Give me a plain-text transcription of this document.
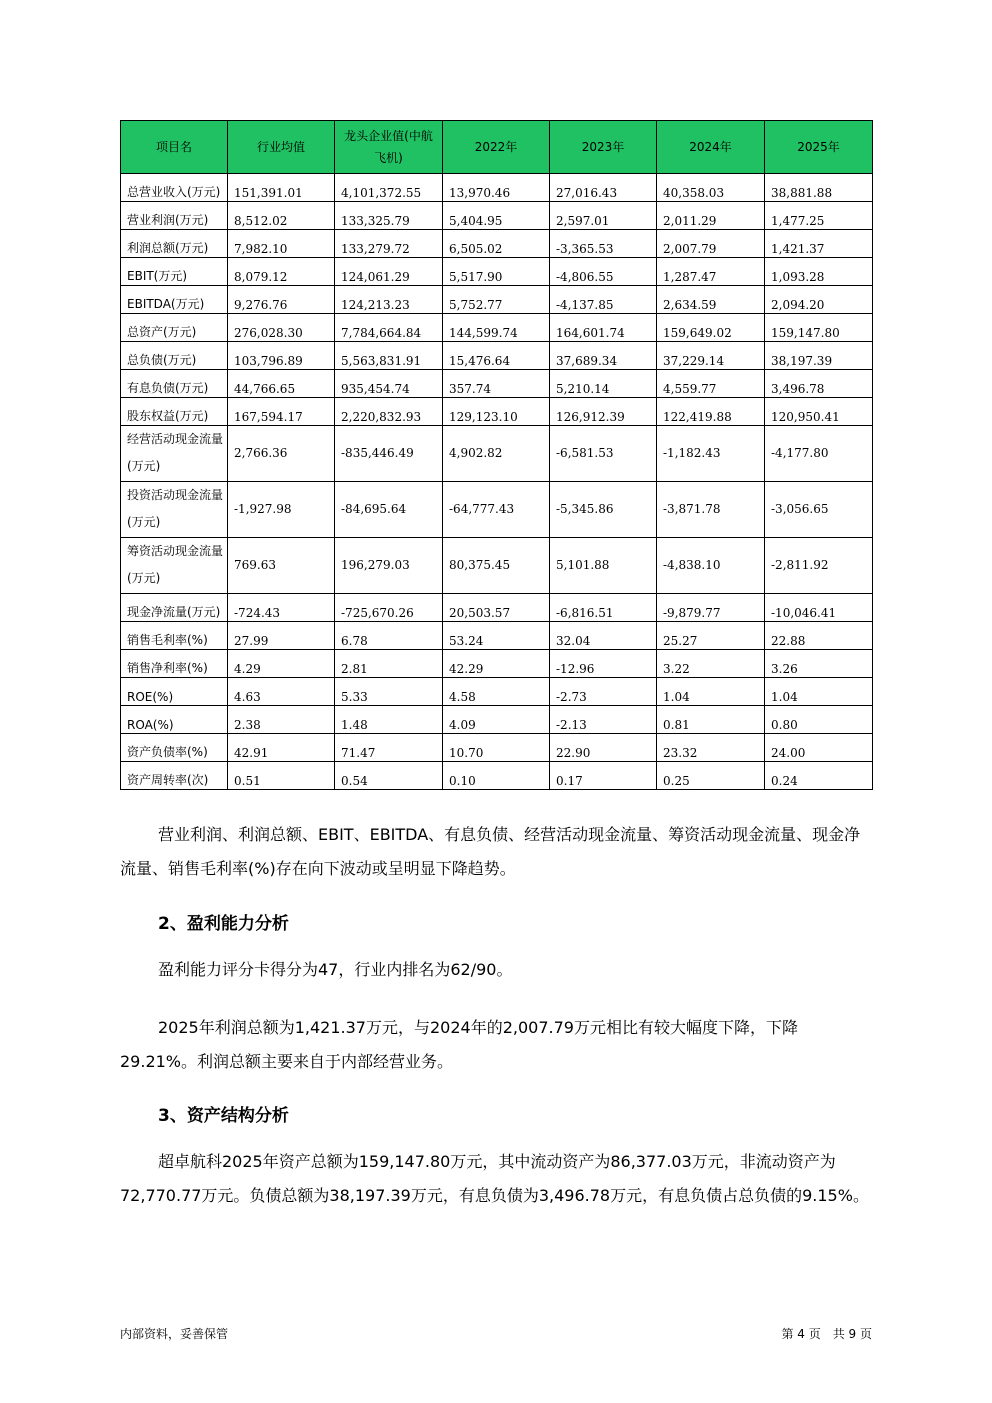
项目名	行业均值	龙头企业值(中航飞机)	2022年	2023年	2024年	2025年
总营业收入(万元)	151,391.01	4,101,372.55	13,970.46	27,016.43	40,358.03	38,881.88
营业利润(万元)	8,512.02	133,325.79	5,404.95	2,597.01	2,011.29	1,477.25
利润总额(万元)	7,982.10	133,279.72	6,505.02	-3,365.53	2,007.79	1,421.37
EBIT(万元)	8,079.12	124,061.29	5,517.90	-4,806.55	1,287.47	1,093.28
EBITDA(万元)	9,276.76	124,213.23	5,752.77	-4,137.85	2,634.59	2,094.20
总资产(万元)	276,028.30	7,784,664.84	144,599.74	164,601.74	159,649.02	159,147.80
总负债(万元)	103,796.89	5,563,831.91	15,476.64	37,689.34	37,229.14	38,197.39
有息负债(万元)	44,766.65	935,454.74	357.74	5,210.14	4,559.77	3,496.78
股东权益(万元)	167,594.17	2,220,832.93	129,123.10	126,912.39	122,419.88	120,950.41
经营活动现金流量(万元)	2,766.36	-835,446.49	4,902.82	-6,581.53	-1,182.43	-4,177.80
投资活动现金流量(万元)	-1,927.98	-84,695.64	-64,777.43	-5,345.86	-3,871.78	-3,056.65
筹资活动现金流量(万元)	769.63	196,279.03	80,375.45	5,101.88	-4,838.10	-2,811.92
现金净流量(万元)	-724.43	-725,670.26	20,503.57	-6,816.51	-9,879.77	-10,046.41
销售毛利率(%)	27.99	6.78	53.24	32.04	25.27	22.88
销售净利率(%)	4.29	2.81	42.29	-12.96	3.22	3.26
ROE(%)	4.63	5.33	4.58	-2.73	1.04	1.04
ROA(%)	2.38	1.48	4.09	-2.13	0.81	0.80
资产负债率(%)	42.91	71.47	10.70	22.90	23.32	24.00
资产周转率(次)	0.51	0.54	0.10	0.17	0.25	0.24

营业利润、利润总额、EBIT、EBITDA、有息负债、经营活动现金流量、筹资活动现金流量、现金净流量、销售毛利率(%)存在向下波动或呈明显下降趋势。

2、盈利能力分析

盈利能力评分卡得分为47，行业内排名为62/90。

2025年利润总额为1,421.37万元，与2024年的2,007.79万元相比有较大幅度下降，下降29.21%。利润总额主要来自于内部经营业务。

3、资产结构分析

超卓航科2025年资产总额为159,147.80万元，其中流动资产为86,377.03万元，非流动资产为72,770.77万元。负债总额为38,197.39万元，有息负债为3,496.78万元，有息负债占总负债的9.15%。

内部资料，妥善保管	第 4 页　共 9 页
